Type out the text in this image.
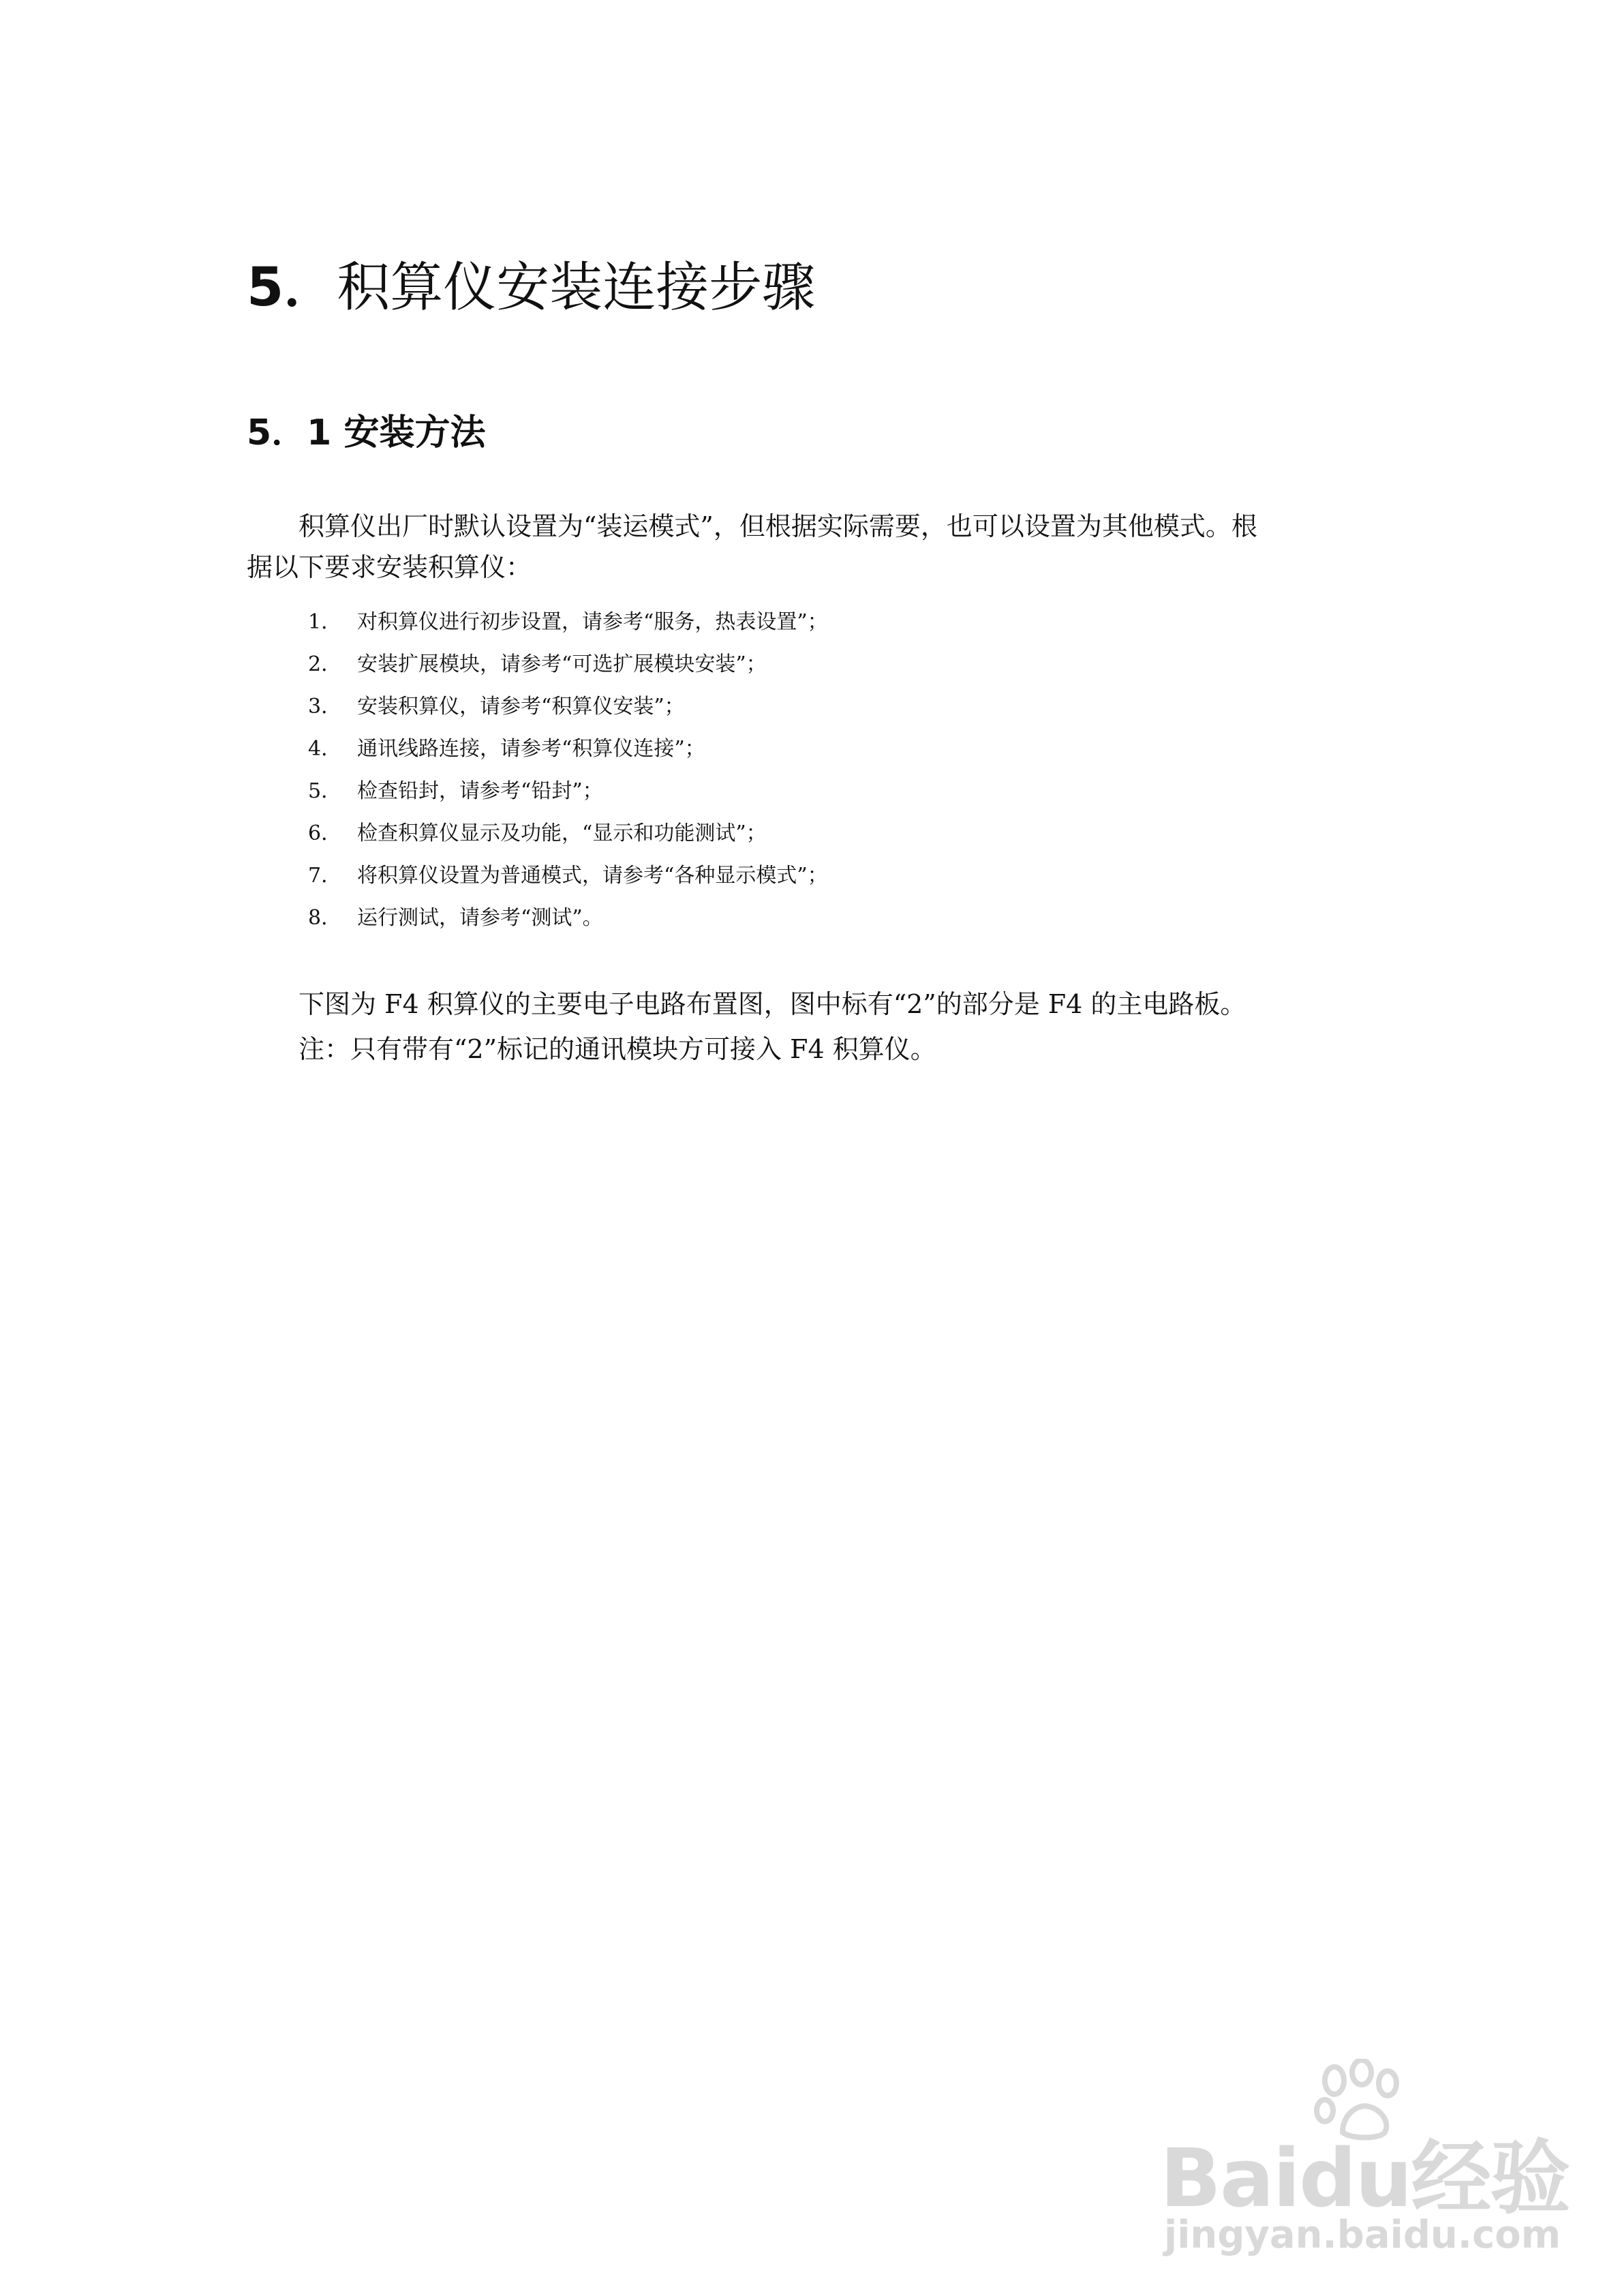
5．积算仪安装连接步骤
5．1 安装方法
积算仪出厂时默认设置为“装运模式”，但根据实际需要，也可以设置为其他模式。根
据以下要求安装积算仪：
1． 对积算仪进行初步设置，请参考“服务，热表设置”；
2． 安装扩展模块，请参考“可选扩展模块安装”；
3． 安装积算仪，请参考“积算仪安装”；
4． 通讯线路连接，请参考“积算仪连接”；
5． 检查铅封，请参考“铅封”；
6． 检查积算仪显示及功能，“显示和功能测试”；
7． 将积算仪设置为普通模式，请参考“各种显示模式”；
8． 运行测试，请参考“测试”。
下图为 F4 积算仪的主要电子电路布置图，图中标有“2”的部分是 F4 的主电路板。
注：只有带有“2”标记的通讯模块方可接入 F4 积算仪。
Baidu经验
jingyan.baidu.com
